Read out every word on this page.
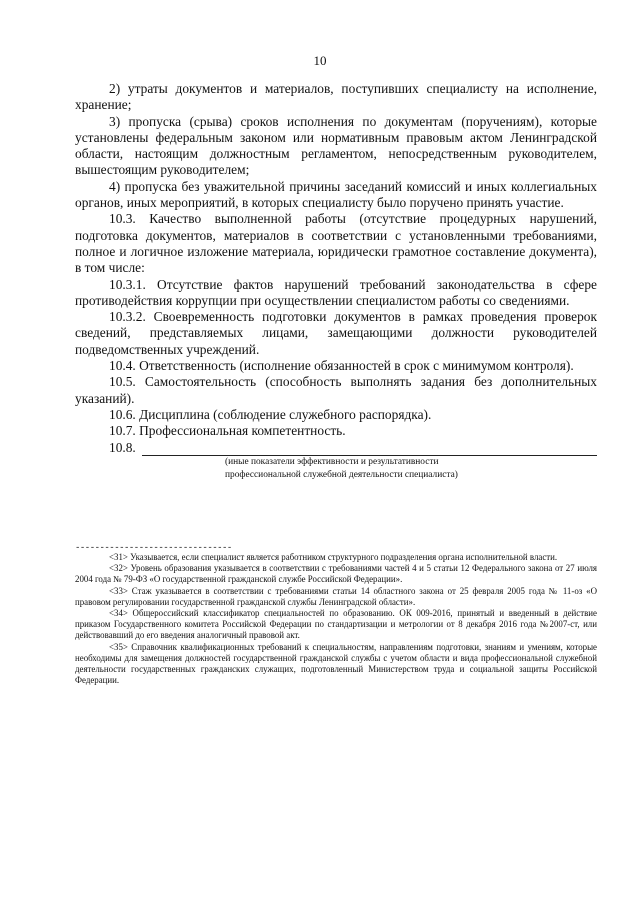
10

2) утраты документов и материалов, поступивших специалисту на исполнение, хранение;

3) пропуска (срыва) сроков исполнения по документам (поручениям), которые установлены федеральным законом или нормативным правовым актом Ленинградской области, настоящим должностным регламентом, непосредственным руководителем, вышестоящим руководителем;

4) пропуска без уважительной причины заседаний комиссий и иных коллегиальных органов, иных мероприятий, в которых специалисту было поручено принять участие.

10.3. Качество выполненной работы (отсутствие процедурных нарушений, подготовка документов, материалов в соответствии с установленными требованиями, полное и логичное изложение материала, юридически грамотное составление документа), в том числе:

10.3.1. Отсутствие фактов нарушений требований законодательства в сфере противодействия коррупции при осуществлении специалистом работы со сведениями.

10.3.2. Своевременность подготовки документов в рамках проведения проверок сведений, представляемых лицами, замещающими должности руководителей подведомственных учреждений.

10.4. Ответственность (исполнение обязанностей в срок с минимумом контроля).

10.5. Самостоятельность (способность выполнять задания без дополнительных указаний).

10.6. Дисциплина (соблюдение служебного распорядка).

10.7. Профессиональная компетентность.

10.8.

(иные показатели эффективности и результативности

профессиональной служебной деятельности специалиста)

--------------------------------

<31> Указывается, если специалист является работником структурного подразделения органа исполнительной власти.

<32> Уровень образования указывается в соответствии с требованиями частей 4 и 5 статьи 12 Федерального закона от 27 июля 2004 года № 79-ФЗ «О государственной гражданской службе Российской Федерации».

<33> Стаж указывается в соответствии с требованиями статьи 14 областного закона от 25 февраля 2005 года № 11-оз «О правовом регулировании государственной гражданской службы Ленинградской области».

<34> Общероссийский классификатор специальностей по образованию. ОК 009-2016, принятый и введенный в действие приказом Государственного комитета Российской Федерации по стандартизации и метрологии от 8 декабря 2016 года №2007-ст, или действовавший до его введения аналогичный правовой акт.

<35> Справочник квалификационных требований к специальностям, направлениям подготовки, знаниям и умениям, которые необходимы для замещения должностей государственной гражданской службы с учетом области и вида профессиональной служебной деятельности государственных гражданских служащих, подготовленный Министерством труда и социальной защиты Российской Федерации.
